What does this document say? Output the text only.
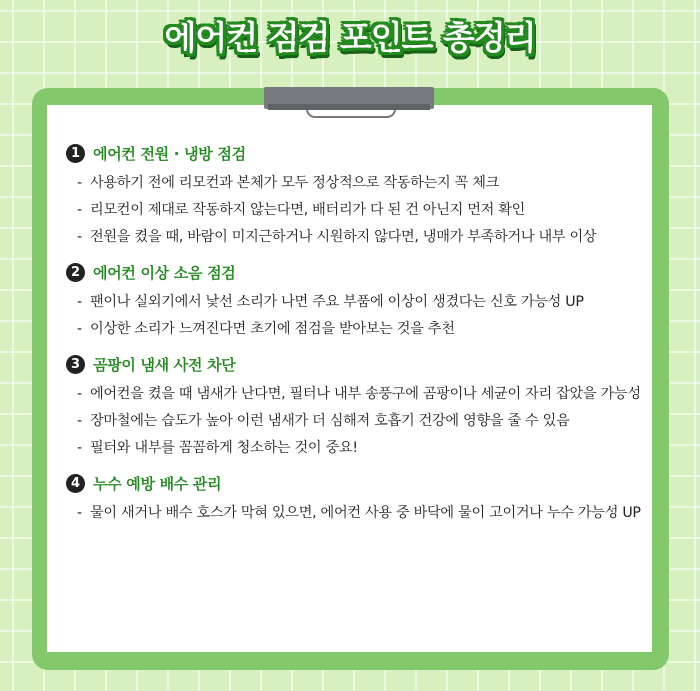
에어컨 점검 포인트 총정리
1 에어컨 전원 · 냉방 점검
- 사용하기 전에 리모컨과 본체가 모두 정상적으로 작동하는지 꼭 체크
- 리모컨이 제대로 작동하지 않는다면, 배터리가 다 된 건 아닌지 먼저 확인
- 전원을 켰을 때, 바람이 미지근하거나 시원하지 않다면, 냉매가 부족하거나 내부 이상
2 에어컨 이상 소음 점검
- 팬이나 실외기에서 낯선 소리가 나면 주요 부품에 이상이 생겼다는 신호 가능성 UP
- 이상한 소리가 느껴진다면 초기에 점검을 받아보는 것을 추천
3 곰팡이 냄새 사전 차단
- 에어컨을 켰을 때 냄새가 난다면, 필터나 내부 송풍구에 곰팡이나 세균이 자리 잡았을 가능성
- 장마철에는 습도가 높아 이런 냄새가 더 심해져 호흡기 건강에 영향을 줄 수 있음
- 필터와 내부를 꼼꼼하게 청소하는 것이 중요!
4 누수 예방 배수 관리
- 물이 새거나 배수 호스가 막혀 있으면, 에어컨 사용 중 바닥에 물이 고이거나 누수 가능성 UP
